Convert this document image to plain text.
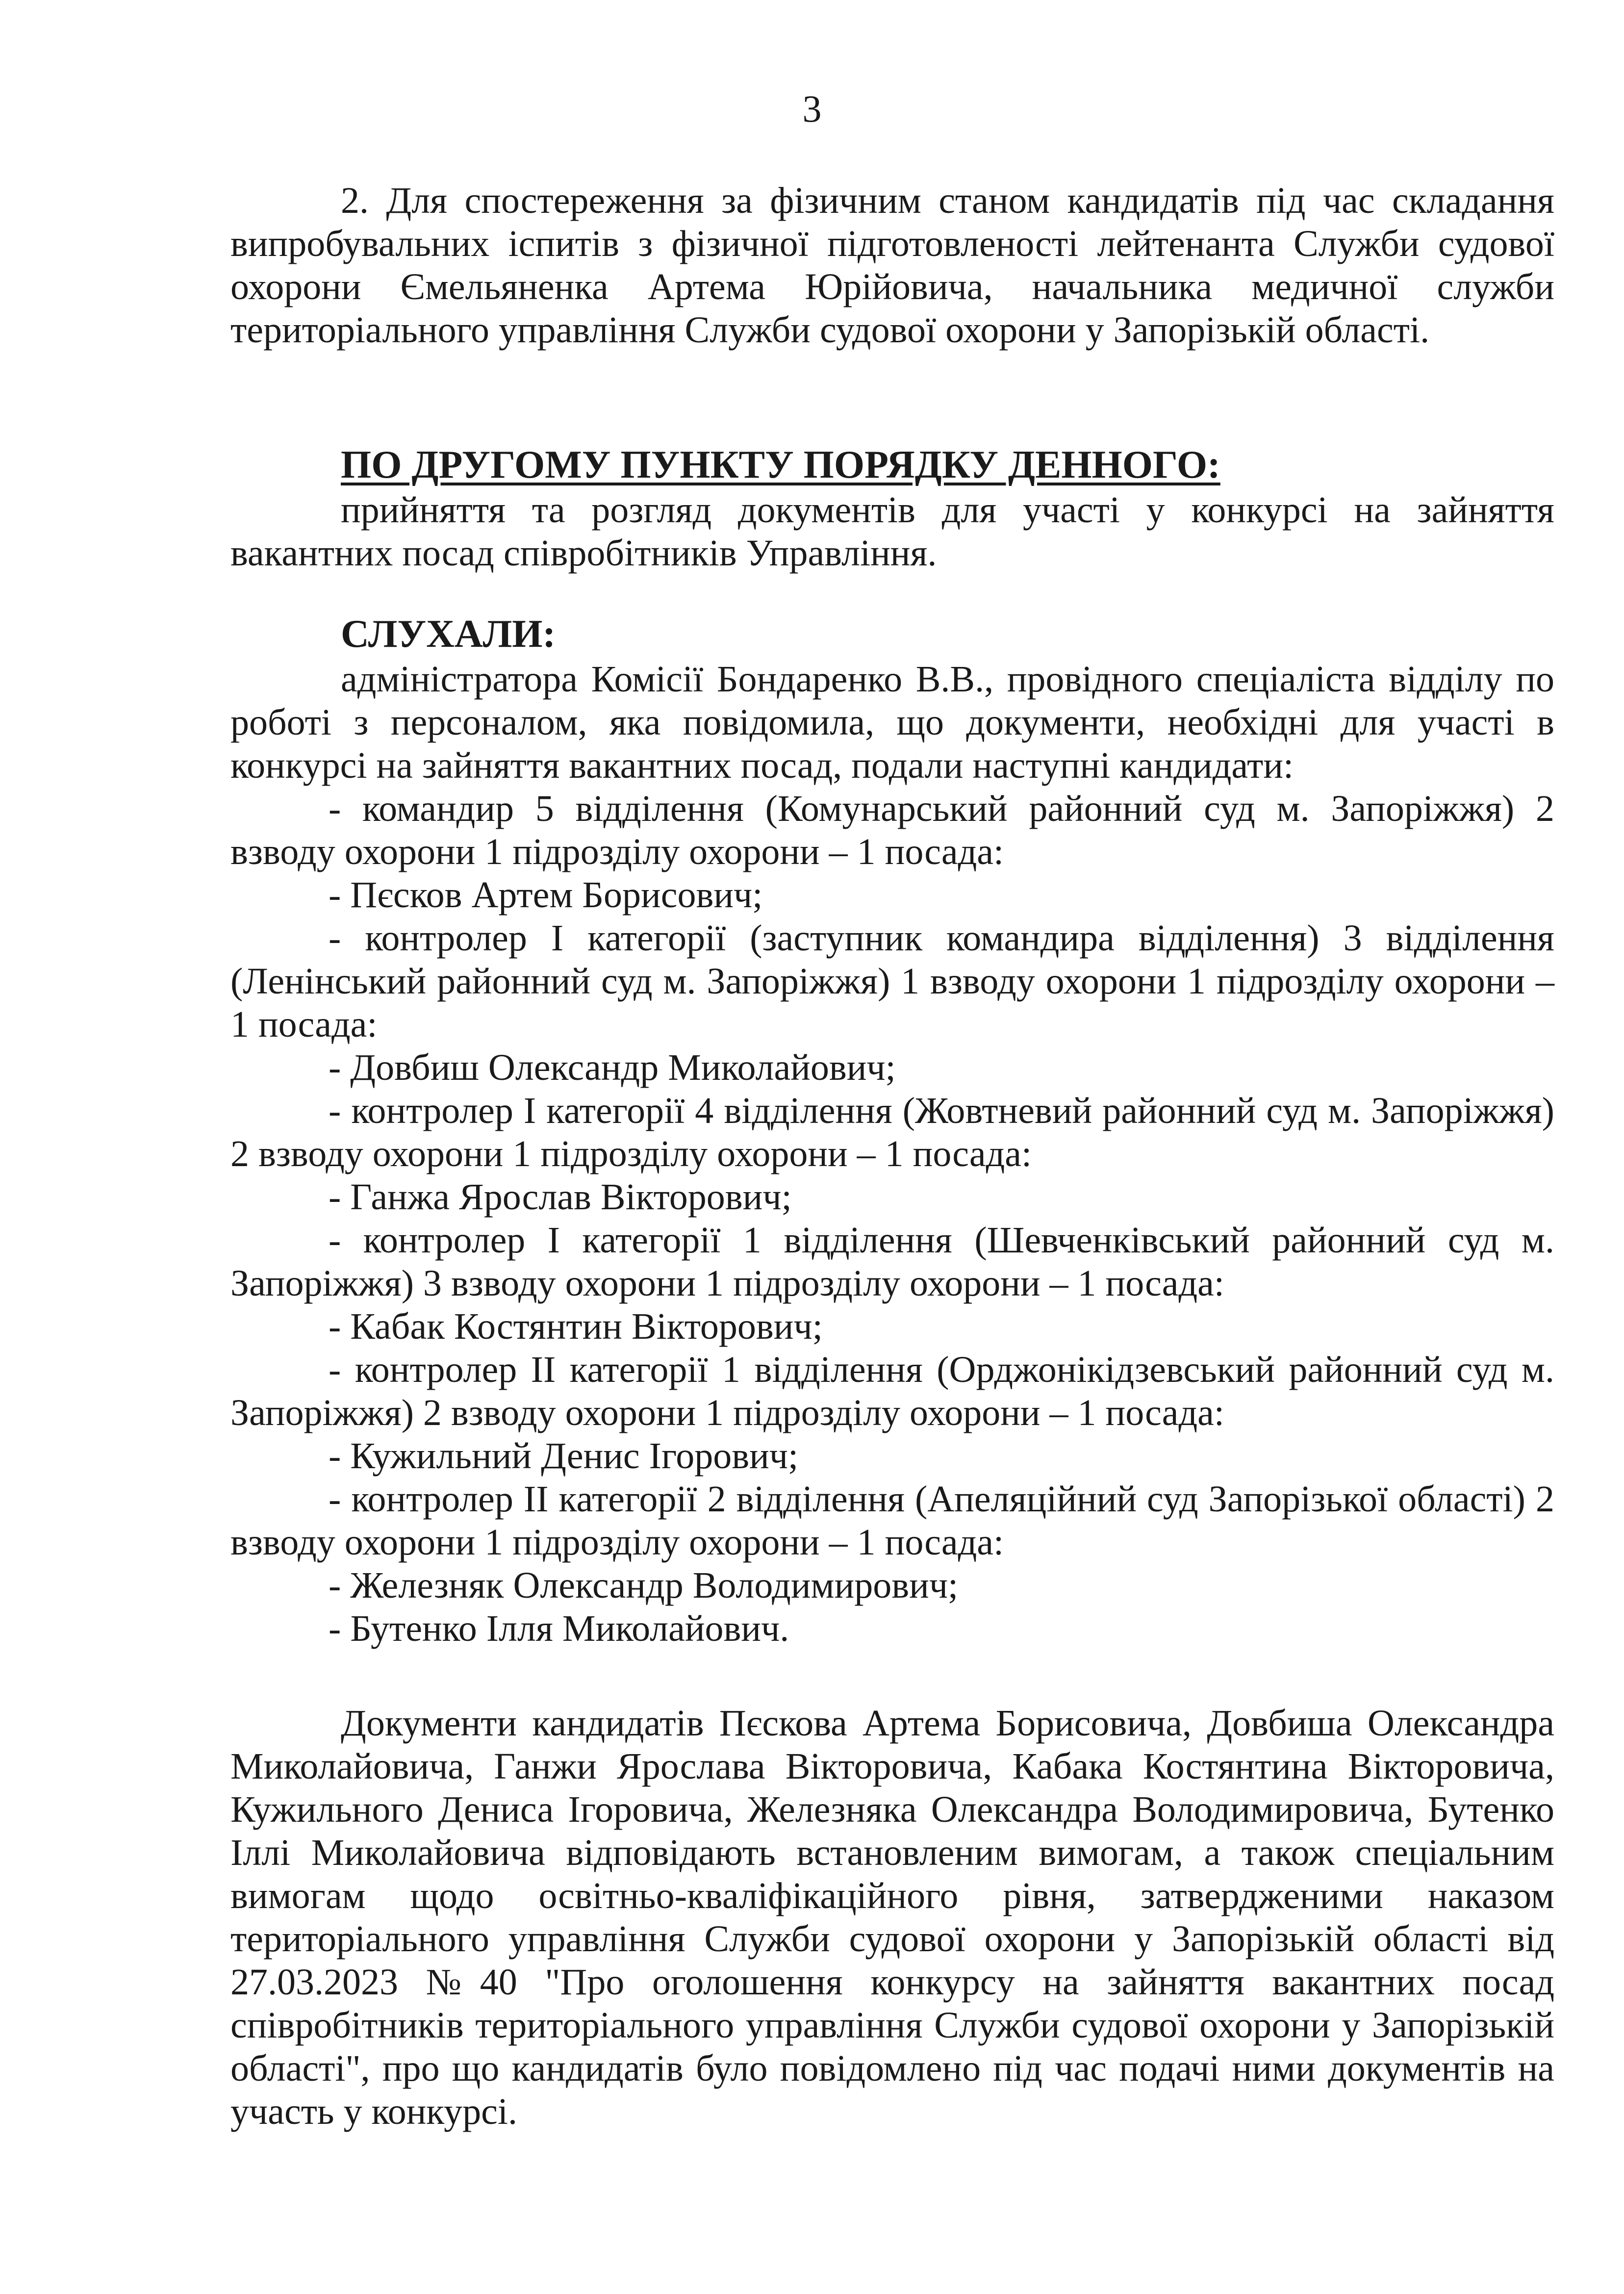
3

2. Для спостереження за фізичним станом кандидатів під час складання випробувальних іспитів з фізичної підготовленості лейтенанта Служби судової охорони Ємельяненка Артема Юрійовича, начальника медичної служби територіального управління Служби судової охорони у Запорізькій області.

ПО ДРУГОМУ ПУНКТУ ПОРЯДКУ ДЕННОГО:

прийняття та розгляд документів для участі у конкурсі на зайняття вакантних посад співробітників Управління.

СЛУХАЛИ:

адміністратора Комісії Бондаренко В.В., провідного спеціаліста відділу по роботі з персоналом, яка повідомила, що документи, необхідні для участі в конкурсі на зайняття вакантних посад, подали наступні кандидати:

- командир 5 відділення (Комунарський районний суд м. Запоріжжя) 2 взводу охорони 1 підрозділу охорони – 1 посада:

- Пєсков Артем Борисович;

- контролер І категорії (заступник командира відділення) 3 відділення (Ленінський районний суд м. Запоріжжя) 1 взводу охорони 1 підрозділу охорони – 1 посада:

- Довбиш Олександр Миколайович;

- контролер І категорії 4 відділення (Жовтневий районний суд м. Запоріжжя) 2 взводу охорони 1 підрозділу охорони – 1 посада:

- Ганжа Ярослав Вікторович;

- контролер І категорії 1 відділення (Шевченківський районний суд м. Запоріжжя) 3 взводу охорони 1 підрозділу охорони – 1 посада:

- Кабак Костянтин Вікторович;

- контролер ІІ категорії 1 відділення (Орджонікідзевський районний суд м. Запоріжжя) 2 взводу охорони 1 підрозділу охорони – 1 посада:

- Кужильний Денис Ігорович;

- контролер ІІ категорії 2 відділення (Апеляційний суд Запорізької області) 2 взводу охорони 1 підрозділу охорони – 1 посада:

- Железняк Олександр Володимирович;

- Бутенко Ілля Миколайович.

Документи кандидатів Пєскова Артема Борисовича, Довбиша Олександра Миколайовича, Ганжи Ярослава Вікторовича, Кабака Костянтина Вікторовича, Кужильного Дениса Ігоровича, Железняка Олександра Володимировича, Бутенко Іллі Миколайовича відповідають встановленим вимогам, а також спеціальним вимогам щодо освітньо-кваліфікаційного рівня, затвердженими наказом територіального управління Служби судової охорони у Запорізькій області від 27.03.2023 №40 "Про оголошення конкурсу на зайняття вакантних посад співробітників територіального управління Служби судової охорони у Запорізькій області", про що кандидатів було повідомлено під час подачі ними документів на участь у конкурсі.
